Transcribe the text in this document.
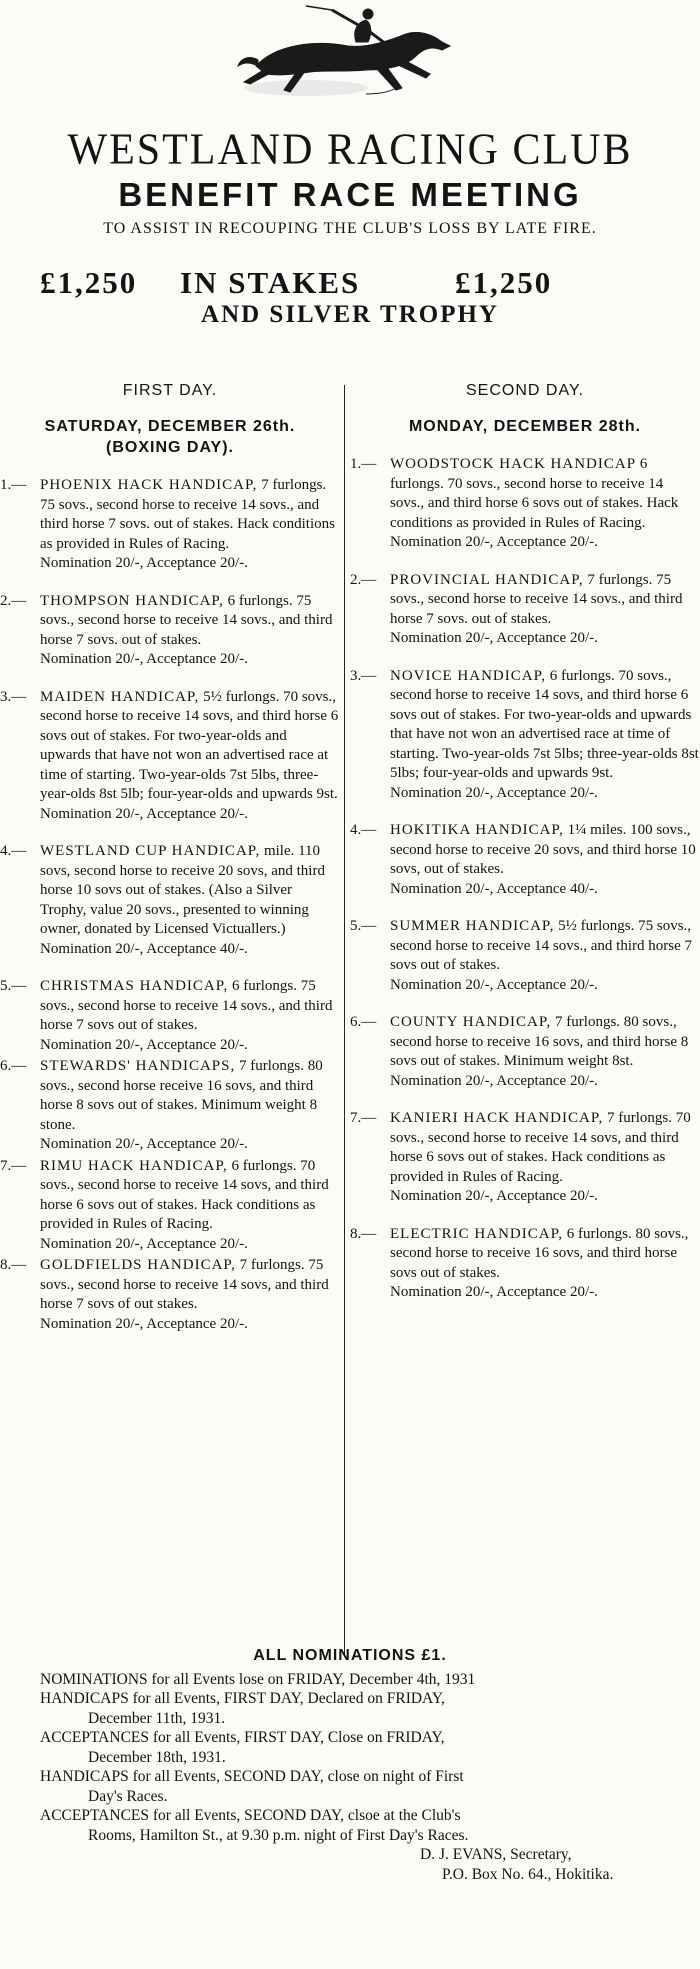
WESTLAND RACING CLUB
BENEFIT RACE MEETING
TO ASSIST IN RECOUPING THE CLUB'S LOSS BY LATE FIRE.
£1,250 IN STAKES	£1,250
AND SILVER TROPHY

FIRST DAY.

SATURDAY, DECEMBER 26th.
(BOXING DAY).

1.— PHOENIX HACK HANDICAP, 7 furlongs. 75 sovs., second horse to receive 14 sovs., and third horse 7 sovs. out of stakes. Hack conditions as provided in Rules of Racing.
Nomination 20/-, Acceptance 20/-.
2.— THOMPSON HANDICAP, 6 furlongs. 75 sovs., second horse to receive 14 sovs., and third horse 7 sovs. out of stakes.
Nomination 20/-, Acceptance 20/-.
3.— MAIDEN HANDICAP, 5½ furlongs. 70 sovs., second horse to receive 14 sovs, and third horse 6 sovs out of stakes. For two-year-olds and upwards that have not won an advertised race at time of starting. Two-year-olds 7st 5lbs, three-year-olds 8st 5lb; four-year-olds and upwards 9st.
Nomination 20/-, Acceptance 20/-.
4.— WESTLAND CUP HANDICAP, mile. 110 sovs, second horse to receive 20 sovs, and third horse 10 sovs out of stakes. (Also a Silver Trophy, value 20 sovs., presented to winning owner, donated by Licensed Victuallers.)
Nomination 20/-, Acceptance 40/-.
5.— CHRISTMAS HANDICAP, 6 furlongs. 75 sovs., second horse to receive 14 sovs., and third horse 7 sovs out of stakes.
Nomination 20/-, Acceptance 20/-.
6.— STEWARDS' HANDICAPS, 7 furlongs. 80 sovs., second horse receive 16 sovs, and third horse 8 sovs out of stakes. Minimum weight 8 stone.
Nomination 20/-, Acceptance 20/-.
7.— RIMU HACK HANDICAP, 6 furlongs. 70 sovs., second horse to receive 14 sovs, and third horse 6 sovs out of stakes. Hack conditions as provided in Rules of Racing.
Nomination 20/-, Acceptance 20/-.
8.— GOLDFIELDS HANDICAP, 7 furlongs. 75 sovs., second horse to receive 14 sovs, and third horse 7 sovs of out stakes.
Nomination 20/-, Acceptance 20/-.

SECOND DAY.

MONDAY, DECEMBER 28th.

1.— WOODSTOCK HACK HANDICAP 6 furlongs. 70 sovs., second horse to receive 14 sovs., and third horse 6 sovs out of stakes. Hack conditions as provided in Rules of Racing.
Nomination 20/-, Acceptance 20/-.
2.— PROVINCIAL HANDICAP, 7 furlongs. 75 sovs., second horse to receive 14 sovs., and third horse 7 sovs. out of stakes.
Nomination 20/-, Acceptance 20/-.
3.— NOVICE HANDICAP, 6 furlongs. 70 sovs., second horse to receive 14 sovs, and third horse 6 sovs out of stakes. For two-year-olds and upwards that have not won an advertised race at time of starting. Two-year-olds 7st 5lbs; three-year-olds 8st 5lbs; four-year-olds and upwards 9st.
Nomination 20/-, Acceptance 20/-.
4.— HOKITIKA HANDICAP, 1¼ miles. 100 sovs., second horse to receive 20 sovs, and third horse 10 sovs, out of stakes.
Nomination 20/-, Acceptance 40/-.
5.— SUMMER HANDICAP, 5½ furlongs. 75 sovs., second horse to receive 14 sovs., and third horse 7 sovs out of stakes.
Nomination 20/-, Acceptance 20/-.
6.— COUNTY HANDICAP, 7 furlongs. 80 sovs., second horse to receive 16 sovs, and third horse 8 sovs out of stakes. Minimum weight 8st.
Nomination 20/-, Acceptance 20/-.
7.— KANIERI HACK HANDICAP, 7 furlongs. 70 sovs., second horse to receive 14 sovs, and third horse 6 sovs out of stakes. Hack conditions as provided in Rules of Racing.
Nomination 20/-, Acceptance 20/-.
8.— ELECTRIC HANDICAP, 6 furlongs. 80 sovs., second horse to receive 16 sovs, and third horse sovs out of stakes.
Nomination 20/-, Acceptance 20/-.
ALL NOMINATIONS £1.
NOMINATIONS for all Events lose on FRIDAY, December 4th, 1931
HANDICAPS for all Events, FIRST DAY, Declared on FRIDAY,
December 11th, 1931.
ACCEPTANCES for all Events, FIRST DAY, Close on FRIDAY,
December 18th, 1931.
HANDICAPS for all Events, SECOND DAY, close on night of First
Day's Races.
ACCEPTANCES for all Events, SECOND DAY, clsoe at the Club's
Rooms, Hamilton St., at 9.30 p.m. night of First Day's Races.
D. J. EVANS, Secretary,
P.O. Box No. 64., Hokitika.
